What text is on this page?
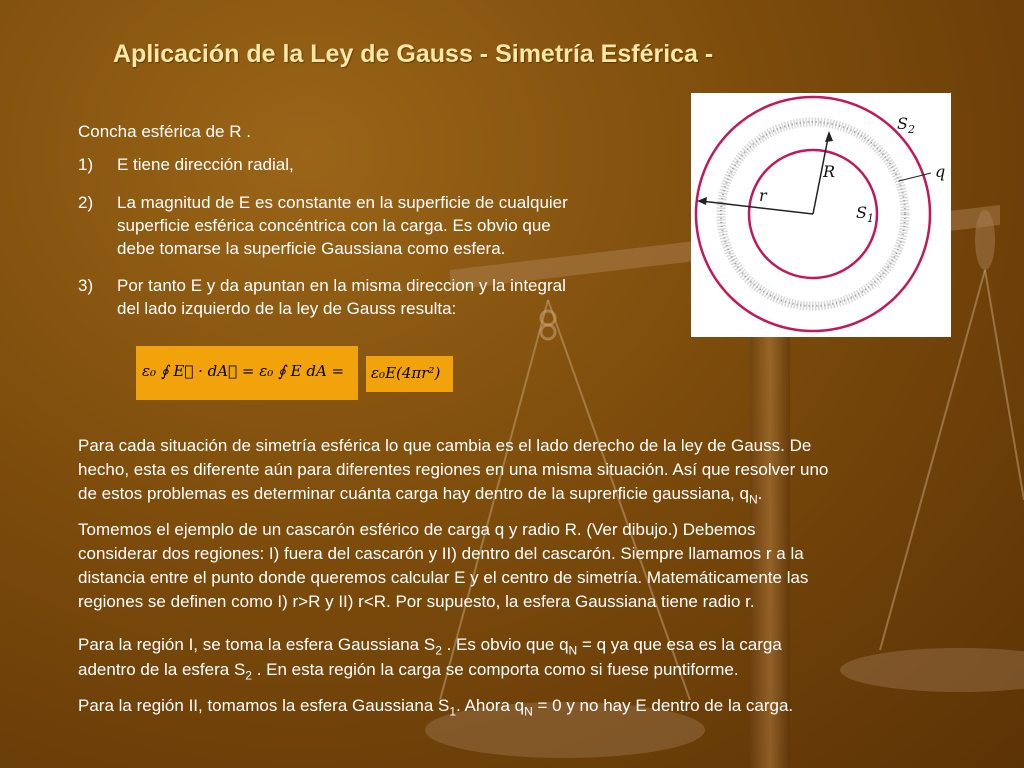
Aplicación de la Ley de Gauss - Simetría Esférica -
Concha esférica de R .
1) E tiene dirección radial,
2) La magnitud de E es constante en la superficie de cualquier
superficie esférica concéntrica con la carga. Es obvio que
debe tomarse la superficie Gaussiana como esfera.
3) Por tanto E y da apuntan en la misma direccion y la integral
del lado izquierdo de la ley de Gauss resulta:
R
r
q
$S_2$
$S_1$
ε₀ ∮ E⃗ · dA⃗ = ε₀ ∮ E dA = ε₀E(4πr²)
Para cada situación de simetría esférica lo que cambia es el lado derecho de la ley de Gauss. De
hecho, esta es diferente aún para diferentes regiones en una misma situación. Así que resolver uno
de estos problemas es determinar cuánta carga hay dentro de la suprerficie gaussiana, $q_N$.
Tomemos el ejemplo de un cascarón esférico de carga q y radio R. (Ver dibujo.) Debemos
considerar dos regiones: I) fuera del cascarón y II) dentro del cascarón. Siempre llamamos r a la
distancia entre el punto donde queremos calcular E y el centro de simetría. Matemáticamente las
regiones se definen como I) r>R y II) r<R. Por supuesto, la esfera Gaussiana tiene radio r.
Para la región I, se toma la esfera Gaussiana $S_2$ . Es obvio que $q_N = q$ ya que esa es la carga
adentro de la esfera $S_2$ . En esta región la carga se comporta como si fuese puntiforme.
Para la región II, tomamos la esfera Gaussiana $S_1$. Ahora $q_N = 0$ y no hay E dentro de la carga.
